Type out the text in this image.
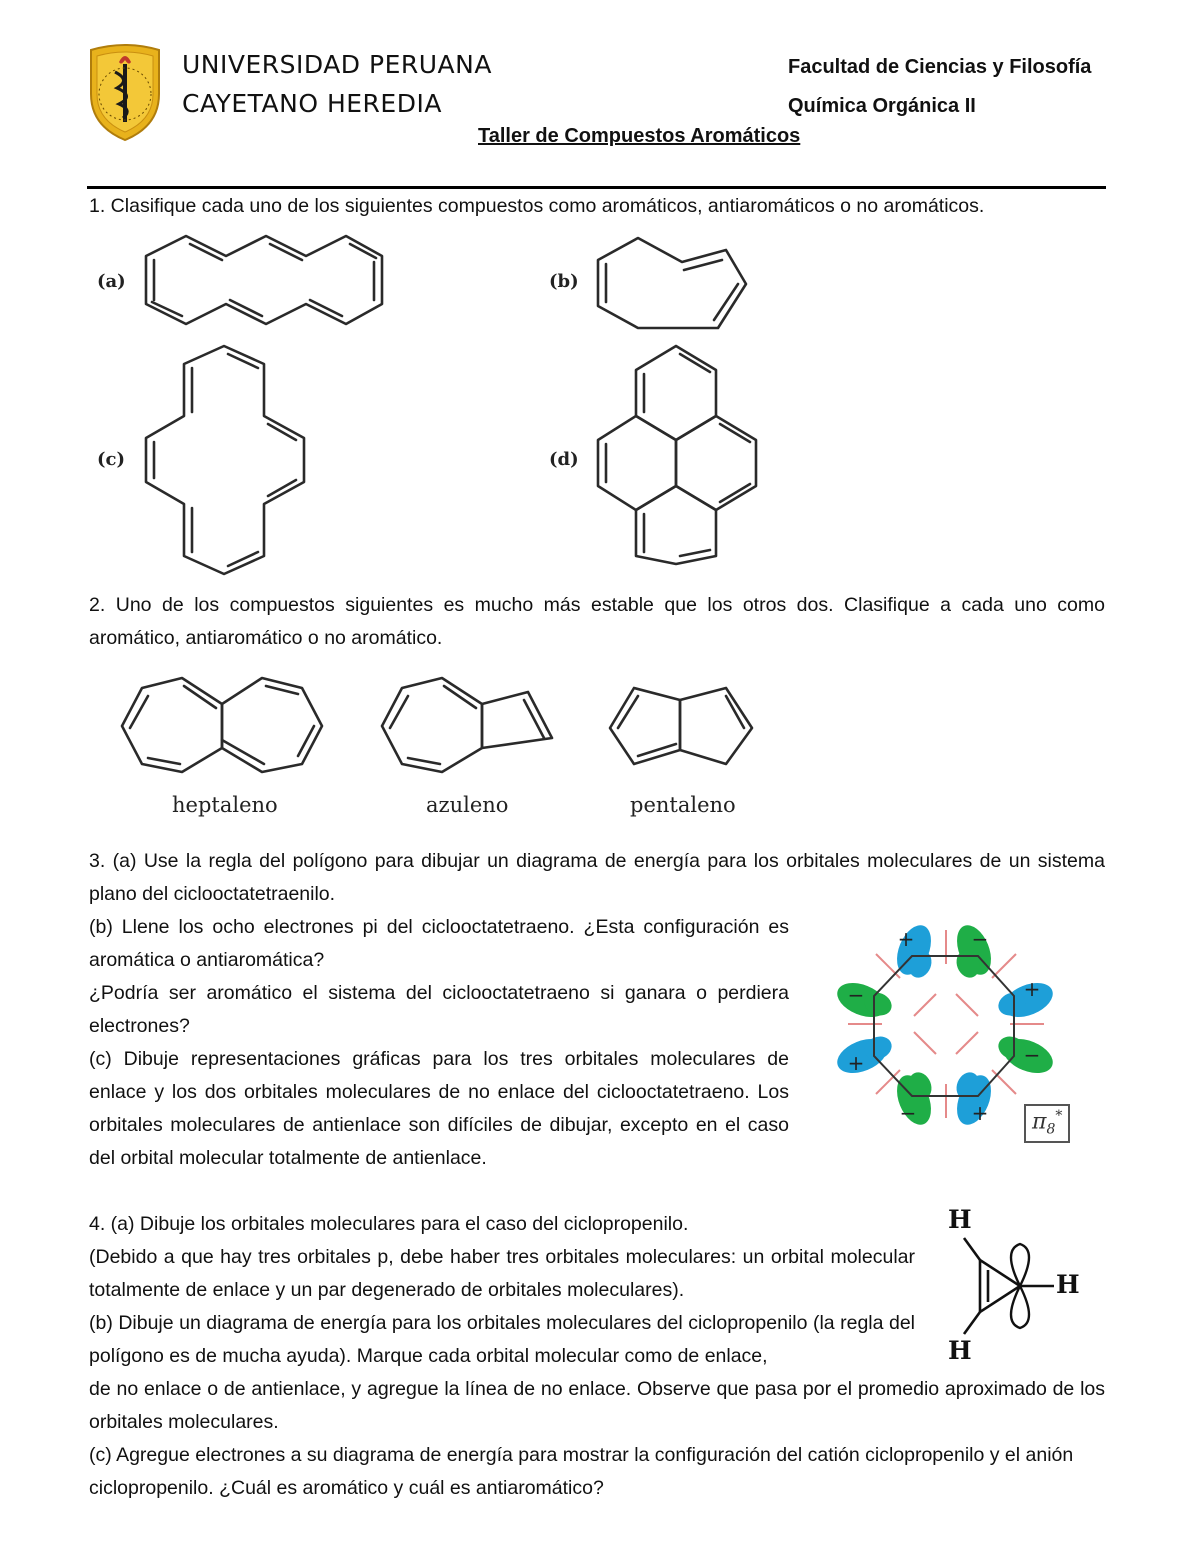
UNIVERSIDAD PERUANA
CAYETANO HEREDIA
Facultad de Ciencias y Filosofía
Química Orgánica II
Taller de Compuestos Aromáticos

1. Clasifique cada uno de los siguientes compuestos como aromáticos, antiaromáticos o no aromáticos.

(a)	(b)
(c)	(d)

2. Uno de los compuestos siguientes es mucho más estable que los otros dos. Clasifique a cada uno como aromático, antiaromático o no aromático.

heptaleno	azuleno	pentaleno

3. (a) Use la regla del polígono para dibujar un diagrama de energía para los orbitales moleculares de un sistema plano del ciclooctatetraenilo.

(b) Llene los ocho electrones pi del ciclooctatetraeno. ¿Esta configuración es aromática o antiaromática?

¿Podría ser aromático el sistema del ciclooctatetraeno si ganara o perdiera electrones?

(c) Dibuje representaciones gráficas para los tres orbitales moleculares de enlace y los dos orbitales moleculares de no enlace del ciclooctatetraeno. Los orbitales moleculares de antienlace son difíciles de dibujar, excepto en el caso del orbital molecular totalmente de antienlace.

+	−
+
−
+
−
+
−
$\pi_8^*$

4. (a) Dibuje los orbitales moleculares para el caso del ciclopropenilo.

(Debido a que hay tres orbitales p, debe haber tres orbitales moleculares: un orbital molecular totalmente de enlace y un par degenerado de orbitales moleculares).

(b) Dibuje un diagrama de energía para los orbitales moleculares del ciclopropenilo (la regla del polígono es de mucha ayuda). Marque cada orbital molecular como de enlace,

de no enlace o de antienlace, y agregue la línea de no enlace. Observe que pasa por el promedio aproximado de los orbitales moleculares.

(c) Agregue electrones a su diagrama de energía para mostrar la configuración del catión ciclopropenilo y el anión ciclopropenilo. ¿Cuál es aromático y cuál es antiaromático?

H
H
H
